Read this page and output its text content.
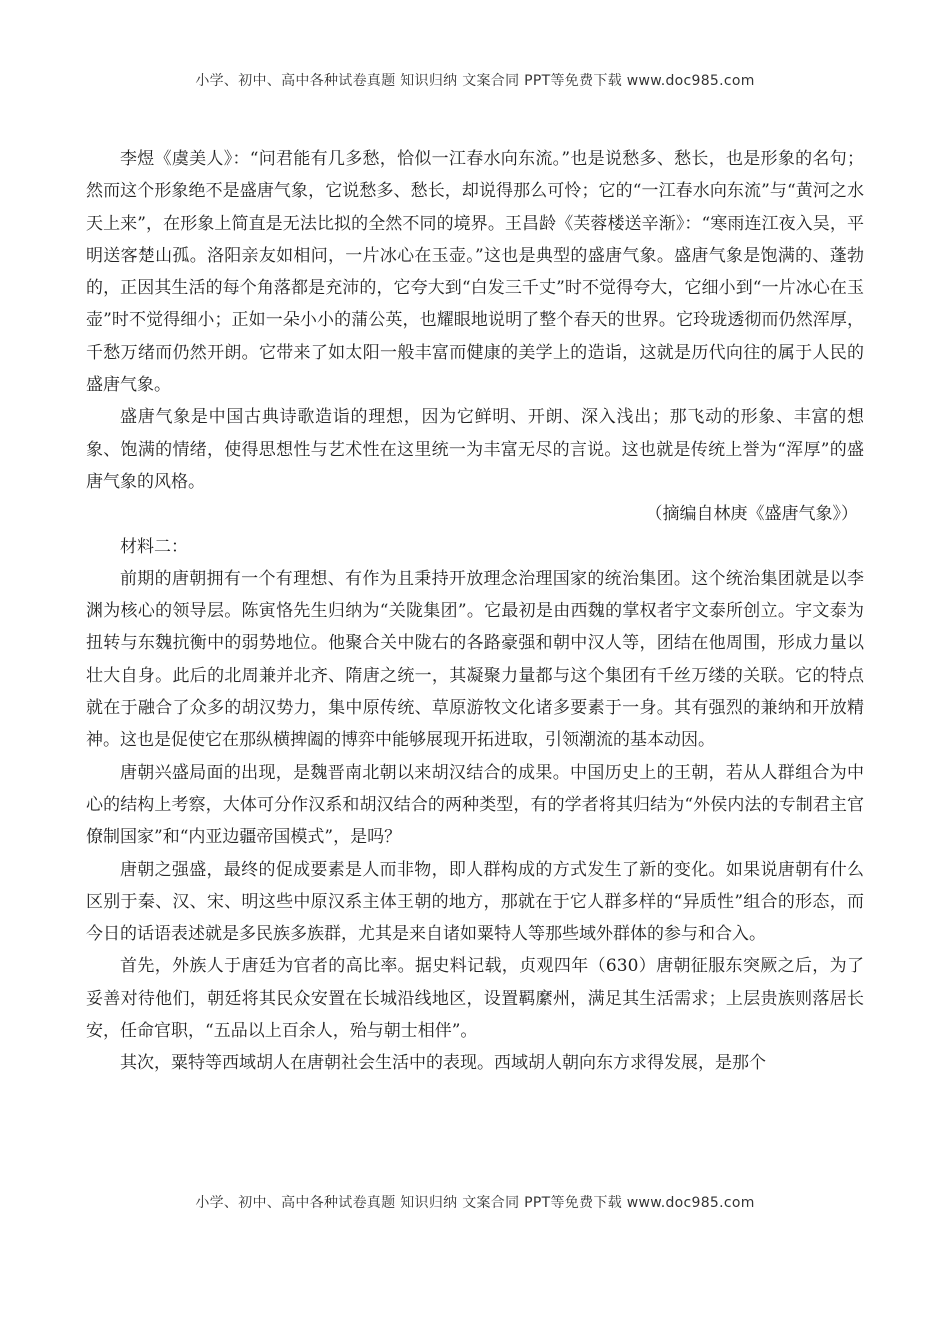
小学、初中、高中各种试卷真题 知识归纳 文案合同 PPT等免费下载 www.doc985.com

李煜《虞美人》：“问君能有几多愁，恰似一江春水向东流。”也是说愁多、愁长，也是形象的名句；然而这个形象绝不是盛唐气象，它说愁多、愁长，却说得那么可怜；它的“一江春水向东流”与“黄河之水天上来”，在形象上简直是无法比拟的全然不同的境界。王昌龄《芙蓉楼送辛渐》：“寒雨连江夜入吴，平明送客楚山孤。洛阳亲友如相问，一片冰心在玉壶。”这也是典型的盛唐气象。盛唐气象是饱满的、蓬勃的，正因其生活的每个角落都是充沛的，它夸大到“白发三千丈”时不觉得夸大，它细小到“一片冰心在玉壶”时不觉得细小；正如一朵小小的蒲公英，也耀眼地说明了整个春天的世界。它玲珑透彻而仍然浑厚，千愁万绪而仍然开朗。它带来了如太阳一般丰富而健康的美学上的造诣，这就是历代向往的属于人民的盛唐气象。

盛唐气象是中国古典诗歌造诣的理想，因为它鲜明、开朗、深入浅出；那飞动的形象、丰富的想象、饱满的情绪，使得思想性与艺术性在这里统一为丰富无尽的言说。这也就是传统上誉为“浑厚”的盛唐气象的风格。

（摘编自林庚《盛唐气象》）

材料二：

前期的唐朝拥有一个有理想、有作为且秉持开放理念治理国家的统治集团。这个统治集团就是以李渊为核心的领导层。陈寅恪先生归纳为“关陇集团”。它最初是由西魏的掌权者宇文泰所创立。宇文泰为扭转与东魏抗衡中的弱势地位。他聚合关中陇右的各路豪强和朝中汉人等，团结在他周围，形成力量以壮大自身。此后的北周兼并北齐、隋唐之统一，其凝聚力量都与这个集团有千丝万缕的关联。它的特点就在于融合了众多的胡汉势力，集中原传统、草原游牧文化诸多要素于一身。其有强烈的兼纳和开放精神。这也是促使它在那纵横捭阖的博弈中能够展现开拓进取，引领潮流的基本动因。

唐朝兴盛局面的出现，是魏晋南北朝以来胡汉结合的成果。中国历史上的王朝，若从人群组合为中心的结构上考察，大体可分作汉系和胡汉结合的两种类型，有的学者将其归结为“外侯内法的专制君主官僚制国家”和“内亚边疆帝国模式”，是吗？

唐朝之强盛，最终的促成要素是人而非物，即人群构成的方式发生了新的变化。如果说唐朝有什么区别于秦、汉、宋、明这些中原汉系主体王朝的地方，那就在于它人群多样的“异质性”组合的形态，而今日的话语表述就是多民族多族群，尤其是来自诸如粟特人等那些域外群体的参与和合入。

首先，外族人于唐廷为官者的高比率。据史料记载，贞观四年（630）唐朝征服东突厥之后，为了妥善对待他们，朝廷将其民众安置在长城沿线地区，设置羁縻州，满足其生活需求；上层贵族则落居长安，任命官职，“五品以上百余人，殆与朝士相伴”。

其次，粟特等西域胡人在唐朝社会生活中的表现。西域胡人朝向东方求得发展，是那个

小学、初中、高中各种试卷真题 知识归纳 文案合同 PPT等免费下载 www.doc985.com
